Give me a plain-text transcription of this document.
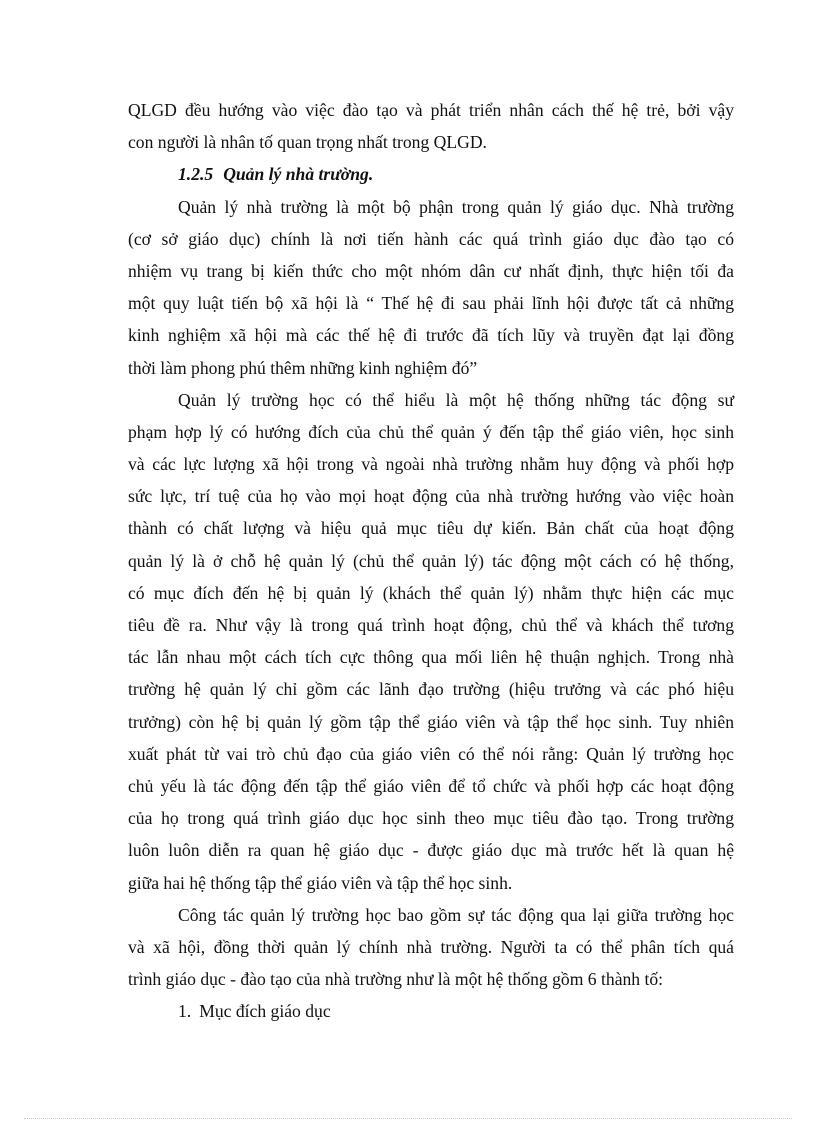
QLGD đều hướng vào việc đào tạo và phát triển nhân cách thế hệ trẻ, bởi vậy
con người là nhân tố quan trọng nhất trong QLGD.
1.2.5 Quản lý nhà trường.
Quản lý nhà trường là một bộ phận trong quản lý giáo dục. Nhà trường
(cơ sở giáo dục) chính là nơi tiến hành các quá trình giáo dục đào tạo có
nhiệm vụ trang bị kiến thức cho một nhóm dân cư nhất định, thực hiện tối đa
một quy luật tiến bộ xã hội là “ Thế hệ đi sau phải lĩnh hội được tất cả những
kinh nghiệm xã hội mà các thế hệ đi trước đã tích lũy và truyền đạt lại đồng
thời làm phong phú thêm những kinh nghiệm đó”
Quản lý trường học có thể hiểu là một hệ thống những tác động sư
phạm hợp lý có hướng đích của chủ thể quản ý đến tập thể giáo viên, học sinh
và các lực lượng xã hội trong và ngoài nhà trường nhằm huy động và phối hợp
sức lực, trí tuệ của họ vào mọi hoạt động của nhà trường hướng vào việc hoàn
thành có chất lượng và hiệu quả mục tiêu dự kiến. Bản chất của hoạt động
quản lý là ở chỗ hệ quản lý (chủ thể quản lý) tác động một cách có hệ thống,
có mục đích đến hệ bị quản lý (khách thể quản lý) nhằm thực hiện các mục
tiêu đề ra. Như vậy là trong quá trình hoạt động, chủ thể và khách thể tương
tác lẫn nhau một cách tích cực thông qua mối liên hệ thuận nghịch. Trong nhà
trường hệ quản lý chỉ gồm các lãnh đạo trường (hiệu trưởng và các phó hiệu
trưởng) còn hệ bị quản lý gồm tập thể giáo viên và tập thể học sinh. Tuy nhiên
xuất phát từ vai trò chủ đạo của giáo viên có thể nói rằng: Quản lý trường học
chủ yếu là tác động đến tập thể giáo viên để tổ chức và phối hợp các hoạt động
của họ trong quá trình giáo dục học sinh theo mục tiêu đào tạo. Trong trường
luôn luôn diễn ra quan hệ giáo dục - được giáo dục mà trước hết là quan hệ
giữa hai hệ thống tập thể giáo viên và tập thể học sinh.
Công tác quản lý trường học bao gồm sự tác động qua lại giữa trường học
và xã hội, đồng thời quản lý chính nhà trường. Người ta có thể phân tích quá
trình giáo dục - đào tạo của nhà trường như là một hệ thống gồm 6 thành tố:
1. Mục đích giáo dục
